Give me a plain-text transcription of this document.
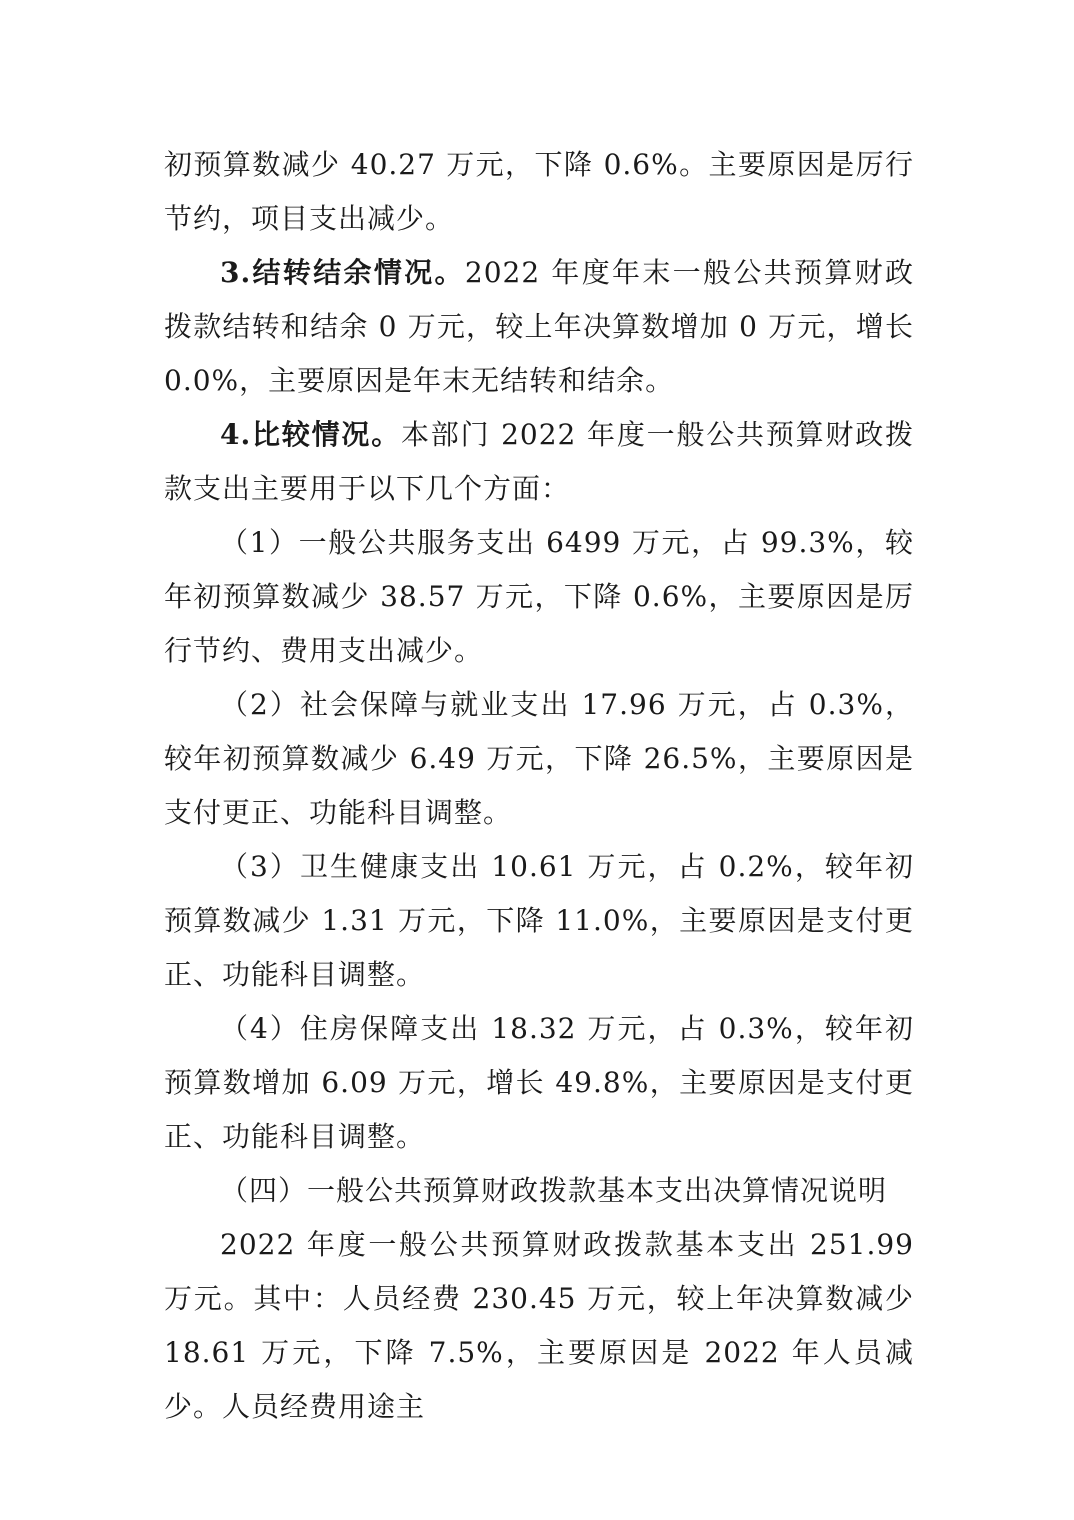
初预算数减少 40.27 万元，下降 0.6%。主要原因是厉行节约，项目支出减少。

3.结转结余情况。2022 年度年末一般公共预算财政拨款结转和结余 0 万元，较上年决算数增加 0 万元，增长 0.0%，主要原因是年末无结转和结余。

4.比较情况。本部门 2022 年度一般公共预算财政拨款支出主要用于以下几个方面：

（1）一般公共服务支出 6499 万元，占 99.3%，较年初预算数减少 38.57 万元，下降 0.6%，主要原因是厉行节约、费用支出减少。

（2）社会保障与就业支出 17.96 万元，占 0.3%，较年初预算数减少 6.49 万元，下降 26.5%，主要原因是支付更正、功能科目调整。

（3）卫生健康支出 10.61 万元，占 0.2%，较年初预算数减少 1.31 万元，下降 11.0%，主要原因是支付更正、功能科目调整。

（4）住房保障支出 18.32 万元，占 0.3%，较年初预算数增加 6.09 万元，增长 49.8%，主要原因是支付更正、功能科目调整。

（四）一般公共预算财政拨款基本支出决算情况说明

2022 年度一般公共预算财政拨款基本支出 251.99 万元。其中：人员经费 230.45 万元，较上年决算数减少 18.61 万元，下降 7.5%，主要原因是 2022 年人员减少。人员经费用途主
